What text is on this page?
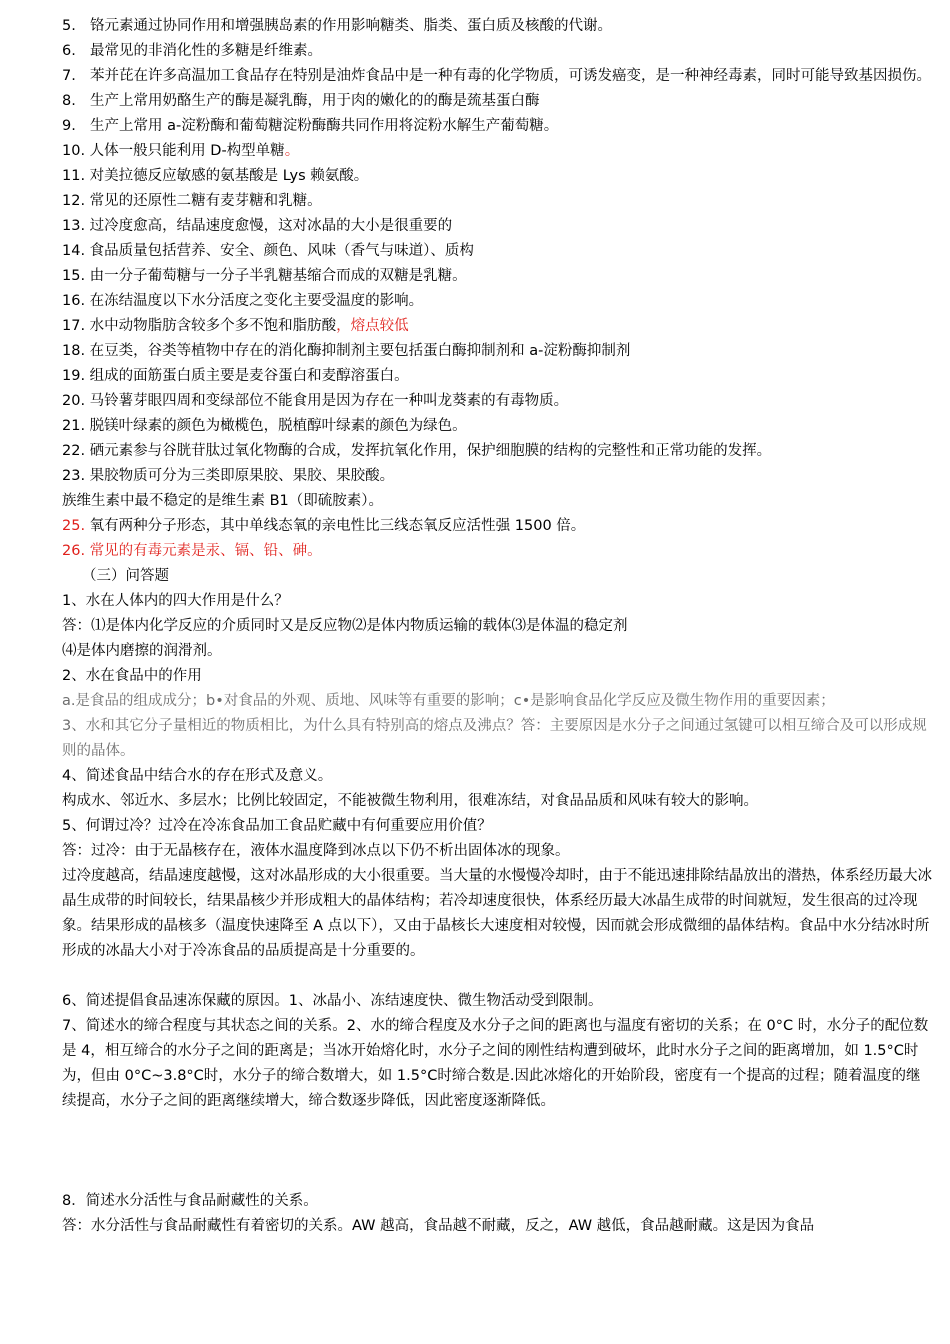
5. 铬元素通过协同作用和增强胰岛素的作用影响糖类、脂类、蛋白质及核酸的代谢。
6. 最常见的非消化性的多糖是纤维素。
7. 苯并芘在许多高温加工食品存在特别是油炸食品中是一种有毒的化学物质，可诱发癌变，是一种神经毒素，同时可能导致基因损伤。
8. 生产上常用奶酪生产的酶是凝乳酶，用于肉的嫩化的的酶是巯基蛋白酶
9. 生产上常用 a-淀粉酶和葡萄糖淀粉酶酶共同作用将淀粉水解生产葡萄糖。
10. 人体一般只能利用 D-构型单糖。
11. 对美拉德反应敏感的氨基酸是 Lys 赖氨酸。
12. 常见的还原性二糖有麦芽糖和乳糖。
13. 过冷度愈高，结晶速度愈慢，这对冰晶的大小是很重要的
14. 食品质量包括营养、安全、颜色、风味（香气与味道）、质构
15. 由一分子葡萄糖与一分子半乳糖基缩合而成的双糖是乳糖。
16. 在冻结温度以下水分活度之变化主要受温度的影响。
17. 水中动物脂肪含较多个多不饱和脂肪酸，熔点较低
18. 在豆类，谷类等植物中存在的消化酶抑制剂主要包括蛋白酶抑制剂和 a-淀粉酶抑制剂
19. 组成的面筋蛋白质主要是麦谷蛋白和麦醇溶蛋白。
20. 马铃薯芽眼四周和变绿部位不能食用是因为存在一种叫龙葵素的有毒物质。
21. 脱镁叶绿素的颜色为橄榄色，脱植醇叶绿素的颜色为绿色。
22. 硒元素参与谷胱苷肽过氧化物酶的合成，发挥抗氧化作用，保护细胞膜的结构的完整性和正常功能的发挥。
23. 果胶物质可分为三类即原果胶、果胶、果胶酸。
族维生素中最不稳定的是维生素 B1（即硫胺素）。
25. 氧有两种分子形态，其中单线态氧的亲电性比三线态氧反应活性强 1500 倍。
26. 常见的有毒元素是汞、镉、铅、砷。
（三）问答题
1、水在人体内的四大作用是什么？
答：⑴是体内化学反应的介质同时又是反应物⑵是体内物质运输的载体⑶是体温的稳定剂
⑷是体内磨擦的润滑剂。
2、水在食品中的作用
a.是食品的组成成分；b•对食品的外观、质地、风味等有重要的影响；c•是影响食品化学反应及微生物作用的重要因素；
3、水和其它分子量相近的物质相比，为什么具有特别高的熔点及沸点？答：主要原因是水分子之间通过氢键可以相互缔合及可以形成规则的晶体。
4、简述食品中结合水的存在形式及意义。
构成水、邻近水、多层水；比例比较固定，不能被微生物利用，很难冻结，对食品品质和风味有较大的影响。
5、何谓过冷？过冷在冷冻食品加工食品贮藏中有何重要应用价值？
答：过冷：由于无晶核存在，液体水温度降到冰点以下仍不析出固体冰的现象。
过冷度越高，结晶速度越慢，这对冰晶形成的大小很重要。当大量的水慢慢冷却时，由于不能迅速排除结晶放出的潜热，体系经历最大冰晶生成带的时间较长，结果晶核少并形成粗大的晶体结构；若冷却速度很快，体系经历最大冰晶生成带的时间就短，发生很高的过冷现象。结果形成的晶核多（温度快速降至 A 点以下），又由于晶核长大速度相对较慢，因而就会形成微细的晶体结构。食品中水分结冰时所形成的冰晶大小对于冷冻食品的品质提高是十分重要的。
6、简述提倡食品速冻保藏的原因。1、冰晶小、冻结速度快、微生物活动受到限制。
7、简述水的缔合程度与其状态之间的关系。2、水的缔合程度及水分子之间的距离也与温度有密切的关系；在 0°C 时，水分子的配位数是 4，相互缔合的水分子之间的距离是；当冰开始熔化时，水分子之间的刚性结构遭到破坏，此时水分子之间的距离增加，如 1.5°C时为，但由 0°C~3.8°C时，水分子的缔合数增大，如 1.5°C时缔合数是.因此冰熔化的开始阶段，密度有一个提高的过程；随着温度的继续提高，水分子之间的距离继续增大，缔合数逐步降低，因此密度逐渐降低。
8．简述水分活性与食品耐藏性的关系。
答：水分活性与食品耐藏性有着密切的关系。AW 越高，食品越不耐藏，反之，AW 越低，食品越耐藏。这是因为食品
